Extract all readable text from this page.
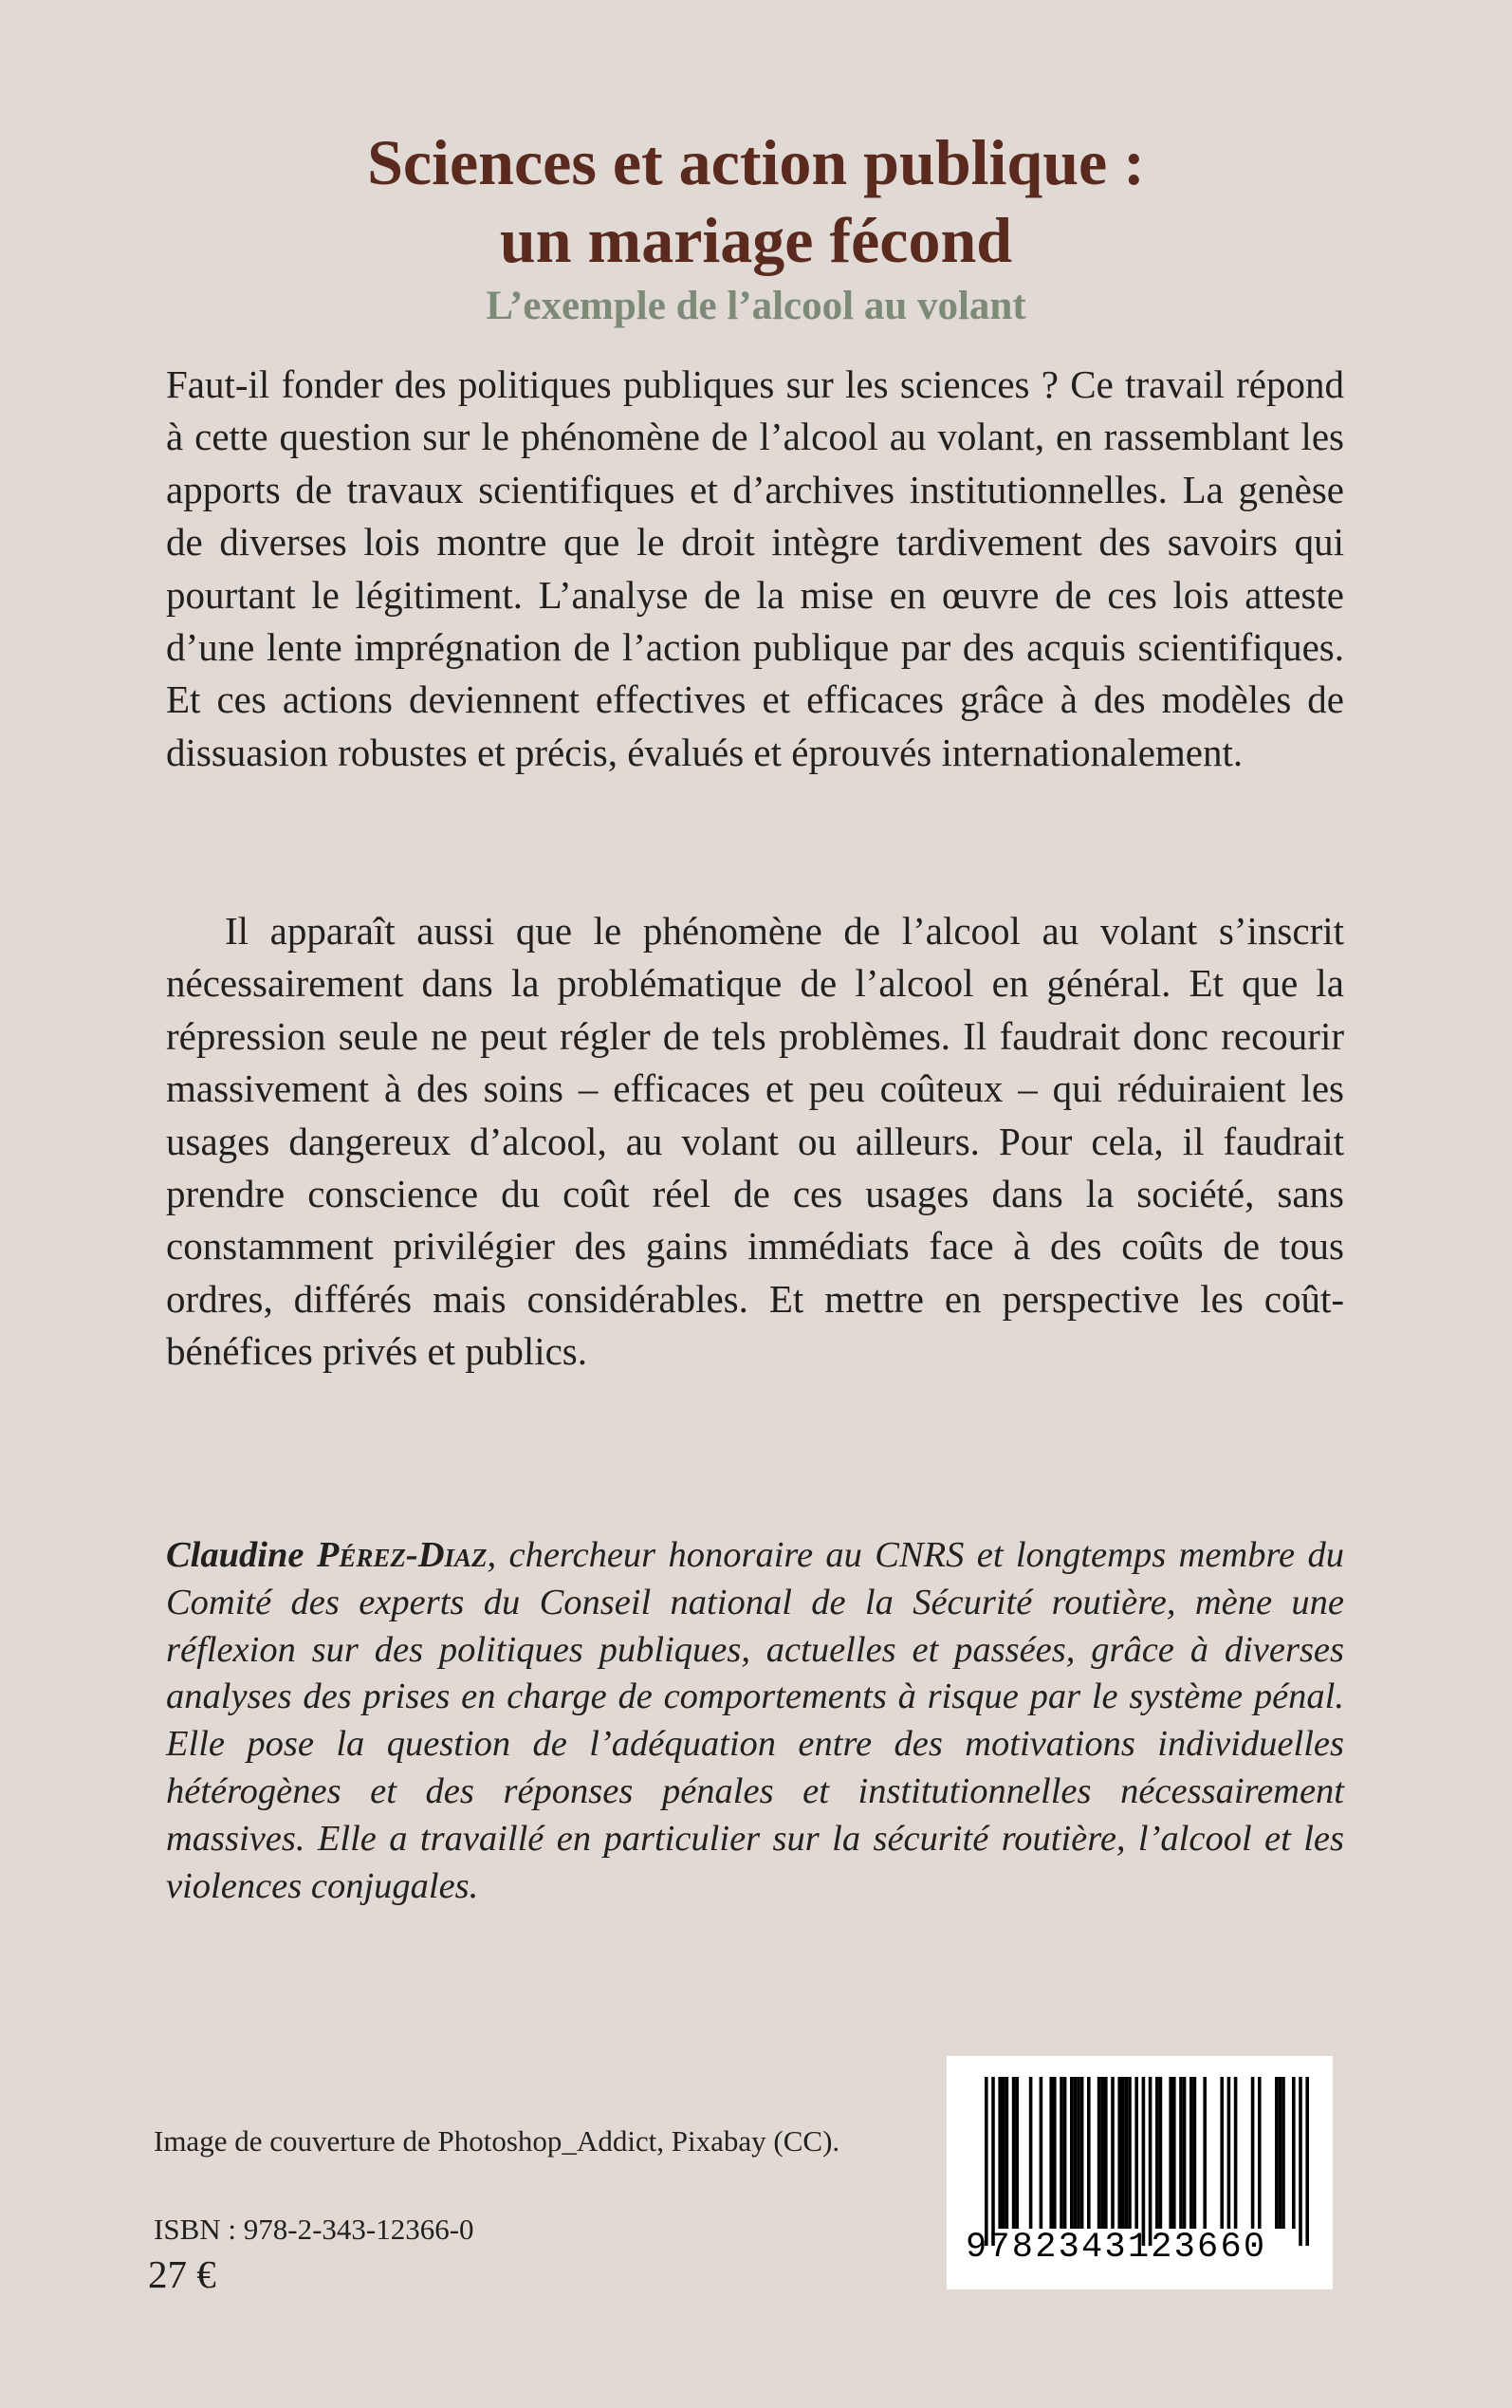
Sciences et action publique :
un mariage fécond

L’exemple de l’alcool au volant

Faut-il fonder des politiques publiques sur les sciences ? Ce travail répond à cette question sur le phénomène de l’alcool au volant, en rassemblant les apports de travaux scientifiques et d’archives institutionnelles. La genèse de diverses lois montre que le droit intègre tardivement des savoirs qui pourtant le légitiment. L’analyse de la mise en œuvre de ces lois atteste d’une lente imprégnation de l’action publique par des acquis scientifiques. Et ces actions deviennent effectives et efficaces grâce à des modèles de dissuasion robustes et précis, évalués et éprouvés internationalement.

Il apparaît aussi que le phénomène de l’alcool au volant s’inscrit nécessairement dans la problématique de l’alcool en général. Et que la répression seule ne peut régler de tels problèmes. Il faudrait donc recourir massivement à des soins – efficaces et peu coûteux – qui réduiraient les usages dangereux d’alcool, au volant ou ailleurs. Pour cela, il faudrait prendre conscience du coût réel de ces usages dans la société, sans constamment privilégier des gains immédiats face à des coûts de tous ordres, différés mais considérables. Et mettre en perspective les coût-bénéfices privés et publics.

Claudine Pérez-Diaz, chercheur honoraire au CNRS et longtemps membre du Comité des experts du Conseil national de la Sécurité routière, mène une réflexion sur des politiques publiques, actuelles et passées, grâce à diverses analyses des prises en charge de comportements à risque par le système pénal. Elle pose la question de l’adéquation entre des motivations individuelles hétérogènes et des réponses pénales et institutionnelles nécessairement massives. Elle a travaillé en particulier sur la sécurité routière, l’alcool et les violences conjugales.

Image de couverture de Photoshop_Addict, Pixabay (CC).

ISBN : 978-2-343-12366-0

27 €

9782343123660
